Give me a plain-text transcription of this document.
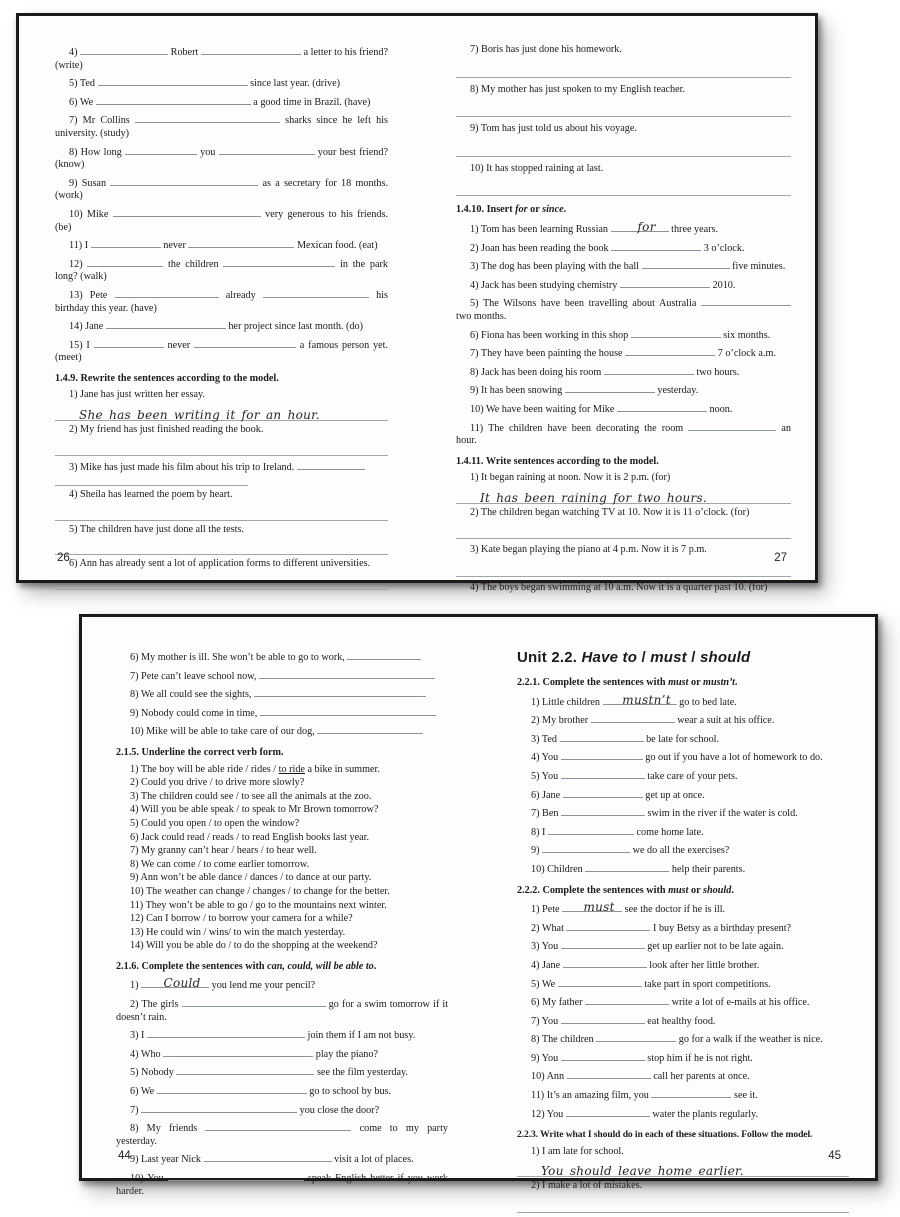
4)	Robert	a letter to his friend? (write)
5) Ted	since last year. (drive)
6) We	a good time in Brazil. (have)
7) Mr Collins	sharks since he left his university. (study)
8) How long	you	your best friend? (know)
9) Susan	as a secretary for 18 months. (work)
10) Mike	very generous to his friends. (be)
11) I	never	Mexican food. (eat)
12)	the children	in the park long? (walk)
13) Pete	already	his birthday this year. (have)
14) Jane	her project since last month. (do)
15) I	never	a famous person yet. (meet)
1.4.9. Rewrite the sentences according to the model.
1) Jane has just written her essay.
She has been writing it for an hour.
2) My friend has just finished reading the book.
3) Mike has just made his film about his trip to Ireland.
4) Sheila has learned the poem by heart.
5) The children have just done all the tests.
6) Ann has already sent a lot of application forms to different universities.
7) Boris has just done his homework.
8) My mother has just spoken to my English teacher.
9) Tom has just told us about his voyage.
10) It has stopped raining at last.
1.4.10. Insert for or since.
1) Tom has been learning Russian	for three years.
2) Joan has been reading the book	3 o’clock.
3) The dog has been playing with the ball	five minutes.
4) Jack has been studying chemistry	2010.
5) The Wilsons have been travelling about Australia  two months.
6) Fiona has been working in this shop	six months.
7) They have been painting the house	7 o’clock a.m.
8) Jack has been doing his room	two hours.
9) It has been snowing	yesterday.
10) We have been waiting for Mike	noon.
11) The children have been decorating the room	an hour.
1.4.11. Write sentences according to the model.
1) It began raining at noon. Now it is 2 p.m. (for)
It has been raining for two hours.
2) The children began watching TV at 10. Now it is 11 o’clock. (for)
3) Kate began playing the piano at 4 p.m. Now it is 7 p.m.
4) The boys began swimming at 10 a.m. Now it is a quarter past 10. (for)
26	27
6) My mother is ill. She won’t be able to go to work,
7) Pete can’t leave school now,
8) We all could see the sights,
9) Nobody could come in time,
10) Mike will be able to take care of our dog,
2.1.5. Underline the correct verb form.
1) The boy will be able ride / rides / to ride a bike in summer.
2) Could you drive / to drive more slowly?
3) The children could see / to see all the animals at the zoo.
4) Will you be able speak / to speak to Mr Brown tomorrow?
5) Could you open / to open the window?
6) Jack could read / reads / to read English books last year.
7) My granny can’t hear / hears / to hear well.
8) We can come / to come earlier tomorrow.
9) Ann won’t be able dance / dances / to dance at our party.
10) The weather can change / changes / to change for the better.
11) They won’t be able to go / go to the mountains next winter.
12) Can I borrow / to borrow your camera for a while?
13) He could win / wins/ to win the match yesterday.
14) Will you be able do / to do the shopping at the weekend?
2.1.6. Complete the sentences with can, could, will be able to.
1)	Could you lend me your pencil?
2) The girls	go for a swim tomorrow if it doesn’t rain.
3) I	join them if I am not busy.
4) Who	play the piano?
5) Nobody	see the film yesterday.
6) We	go to school by bus.
7)	you close the door?
8) My friends	come to my party yesterday.
9) Last year Nick	visit a lot of places.
10) You	speak English better if you work harder.
Unit 2.2. Have to / must / should
2.2.1. Complete the sentences with must or mustn’t.
1) Little children	mustn’t go to bed late.
2) My brother	wear a suit at his office.
3) Ted	be late for school.
4) You	go out if you have a lot of homework to do.
5) You	take care of your pets.
6) Jane	get up at once.
7) Ben	swim in the river if the water is cold.
8) I	come home late.
9)	we do all the exercises?
10) Children	help their parents.
2.2.2. Complete the sentences with must or should.
1) Pete	must see the doctor if he is ill.
2) What	I buy Betsy as a birthday present?
3) You	get up earlier not to be late again.
4) Jane	look after her little brother.
5) We	take part in sport competitions.
6) My father	write a lot of e-mails at his office.
7) You	eat healthy food.
8) The children	go for a walk if the weather is nice.
9) You	stop him if he is not right.
10) Ann	call her parents at once.
11) It’s an amazing film, you	see it.
12) You	water the plants regularly.
2.2.3. Write what I should do in each of these situations. Follow the model.
1) I am late for school.
You should leave home earlier.
2) I make a lot of mistakes.
44	45
